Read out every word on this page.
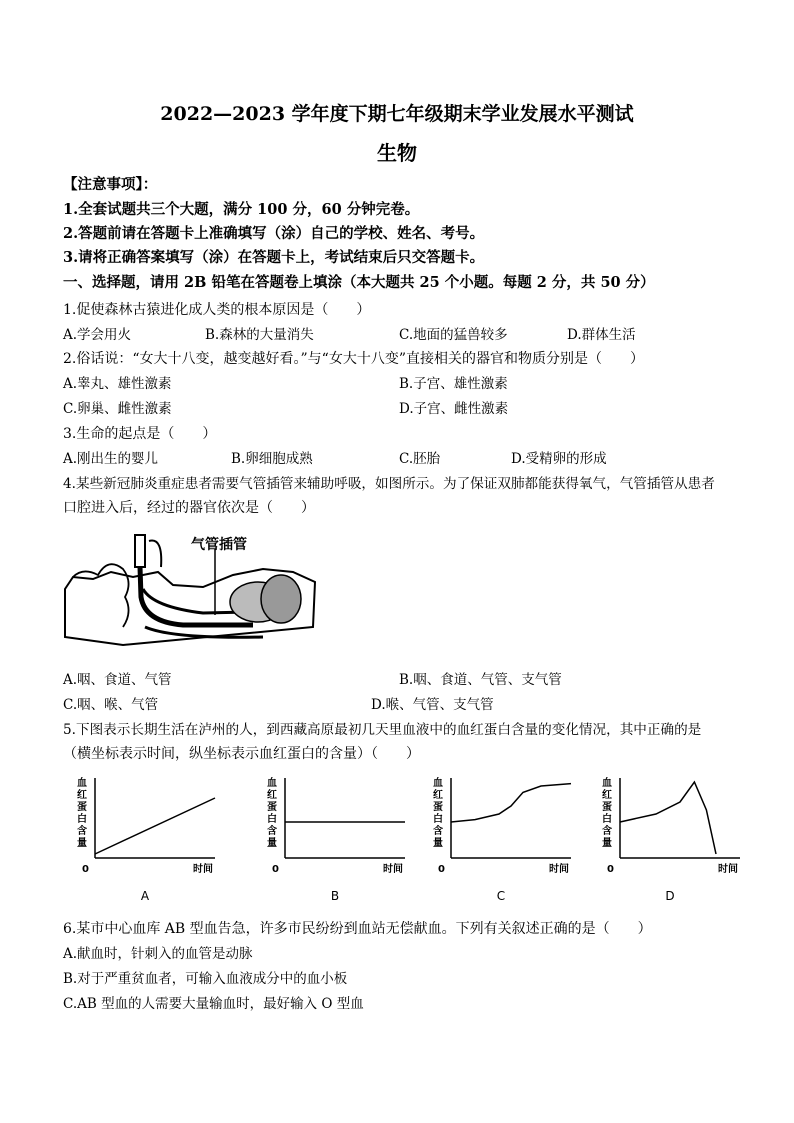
2022—2023 学年度下期七年级期末学业发展水平测试
生物
【注意事项】：
1.全套试题共三个大题，满分 100 分，60 分钟完卷。
2.答题前请在答题卡上准确填写（涂）自己的学校、姓名、考号。
3.请将正确答案填写（涂）在答题卡上，考试结束后只交答题卡。
一、选择题，请用 2B 铅笔在答题卷上填涂（本大题共 25 个小题。每题 2 分，共 50 分）
1.促使森林古猿进化成人类的根本原因是（　　）
A.学会用火	B.森林的大量消失	C.地面的猛兽较多	D.群体生活
2.俗话说：“女大十八变，越变越好看。”与“女大十八变”直接相关的器官和物质分别是（　　）
A.睾丸、雄性激素	B.子宫、雄性激素
C.卵巢、雌性激素	D.子宫、雌性激素
3.生命的起点是（　　）
A.刚出生的婴儿	B.卵细胞成熟	C.胚胎	D.受精卵的形成
4.某些新冠肺炎重症患者需要气管插管来辅助呼吸，如图所示。为了保证双肺都能获得氧气，气管插管从患者
口腔进入后，经过的器官依次是（　　）
气管插管
A.咽、食道、气管	B.咽、食道、气管、支气管
C.咽、喉、气管	D.喉、气管、支气管
5.下图表示长期生活在泸州的人，到西藏高原最初几天里血液中的血红蛋白含量的变化情况，其中正确的是
（横坐标表示时间，纵坐标表示血红蛋白的含量）（　　）
血
红
蛋
白
含
量
0	时间
A
血
红
蛋
白
含
量
0	时间
B
血
红
蛋
白
含
量
0	时间
C
血
红
蛋
白
含
量
0	时间
D
6.某市中心血库 AB 型血告急，许多市民纷纷到血站无偿献血。下列有关叙述正确的是（　　）
A.献血时，针刺入的血管是动脉
B.对于严重贫血者，可输入血液成分中的血小板
C.AB 型血的人需要大量输血时，最好输入 O 型血
